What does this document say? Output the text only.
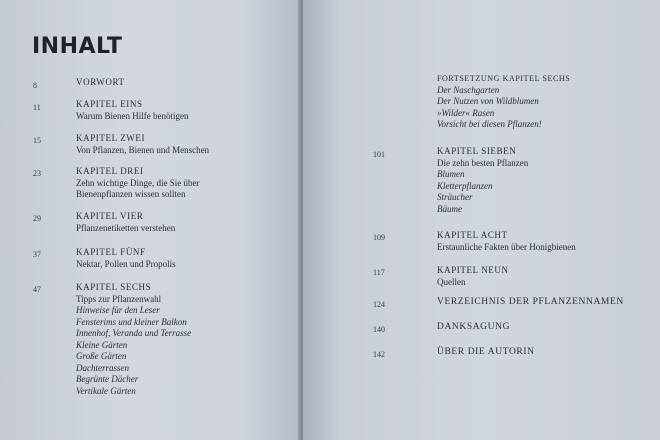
INHALT
8	VORWORT
11	KAPITEL EINS
Warum Bienen Hilfe benötigen
15	KAPITEL ZWEI
Von Pflanzen, Bienen und Menschen
23	KAPITEL DREI
Zehn wichtige Dinge, die Sie über
Bienenpflanzen wissen sollten
29	KAPITEL VIER
Pflanzenetiketten verstehen
37	KAPITEL FÜNF
Nektar, Pollen und Propolis
47	KAPITEL SECHS
Tipps zur Pflanzenwahl
Hinweise für den Leser
Fensterims und kleiner Balkon
Innenhof, Veranda und Terrasse
Kleine Gärten
Große Gärten
Dachterrassen
Begrünte Dächer
Vertikale Gärten
FORTSETZUNG KAPITEL SECHS
Der Naschgarten
Der Nutzen von Wildblumen
»Wilder« Rasen
Vorsicht bei diesen Pflanzen!
101	KAPITEL SIEBEN
Die zehn besten Pflanzen
Blumen
Kletterpflanzen
Sträucher
Bäume
109	KAPITEL ACHT
Erstaunliche Fakten über Honigbienen
117	KAPITEL NEUN
Quellen
124	VERZEICHNIS DER PFLANZENNAMEN
140	DANKSAGUNG
142	ÜBER DIE AUTORIN
